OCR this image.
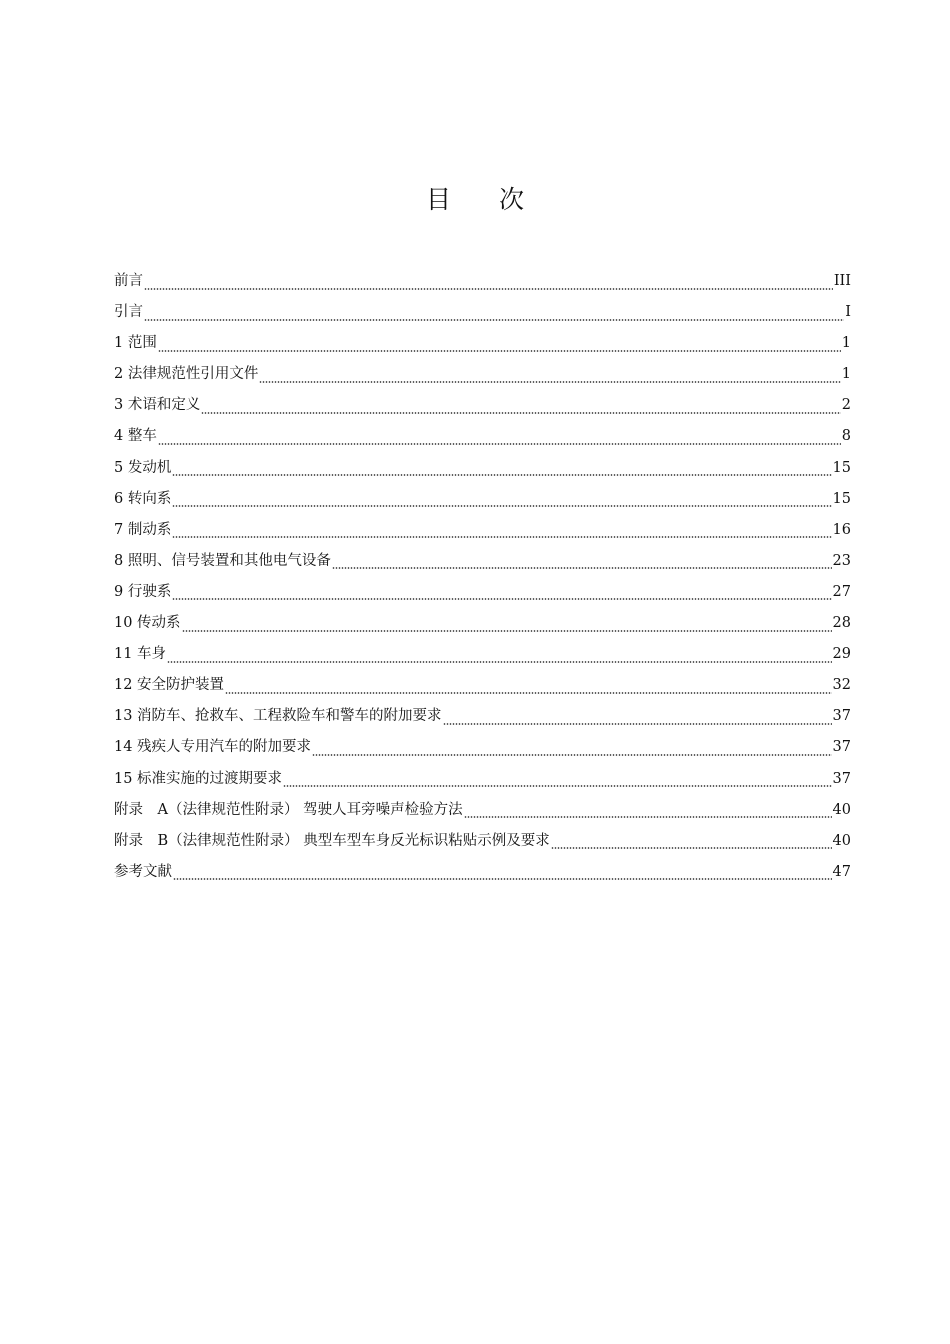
目次
前言	III
引言	I
1 范围	1
2 法律规范性引用文件	1
3 术语和定义	2
4 整车	8
5 发动机	15
6 转向系	15
7 制动系	16
8 照明、信号装置和其他电气设备	23
9 行驶系	27
10 传动系	28
11 车身	29
12 安全防护装置	32
13 消防车、抢救车、工程救险车和警车的附加要求	37
14 残疾人专用汽车的附加要求	37
15 标准实施的过渡期要求	37
附录　A（法律规范性附录） 驾驶人耳旁噪声检验方法	40
附录　B（法律规范性附录） 典型车型车身反光标识粘贴示例及要求	40
参考文献	47
